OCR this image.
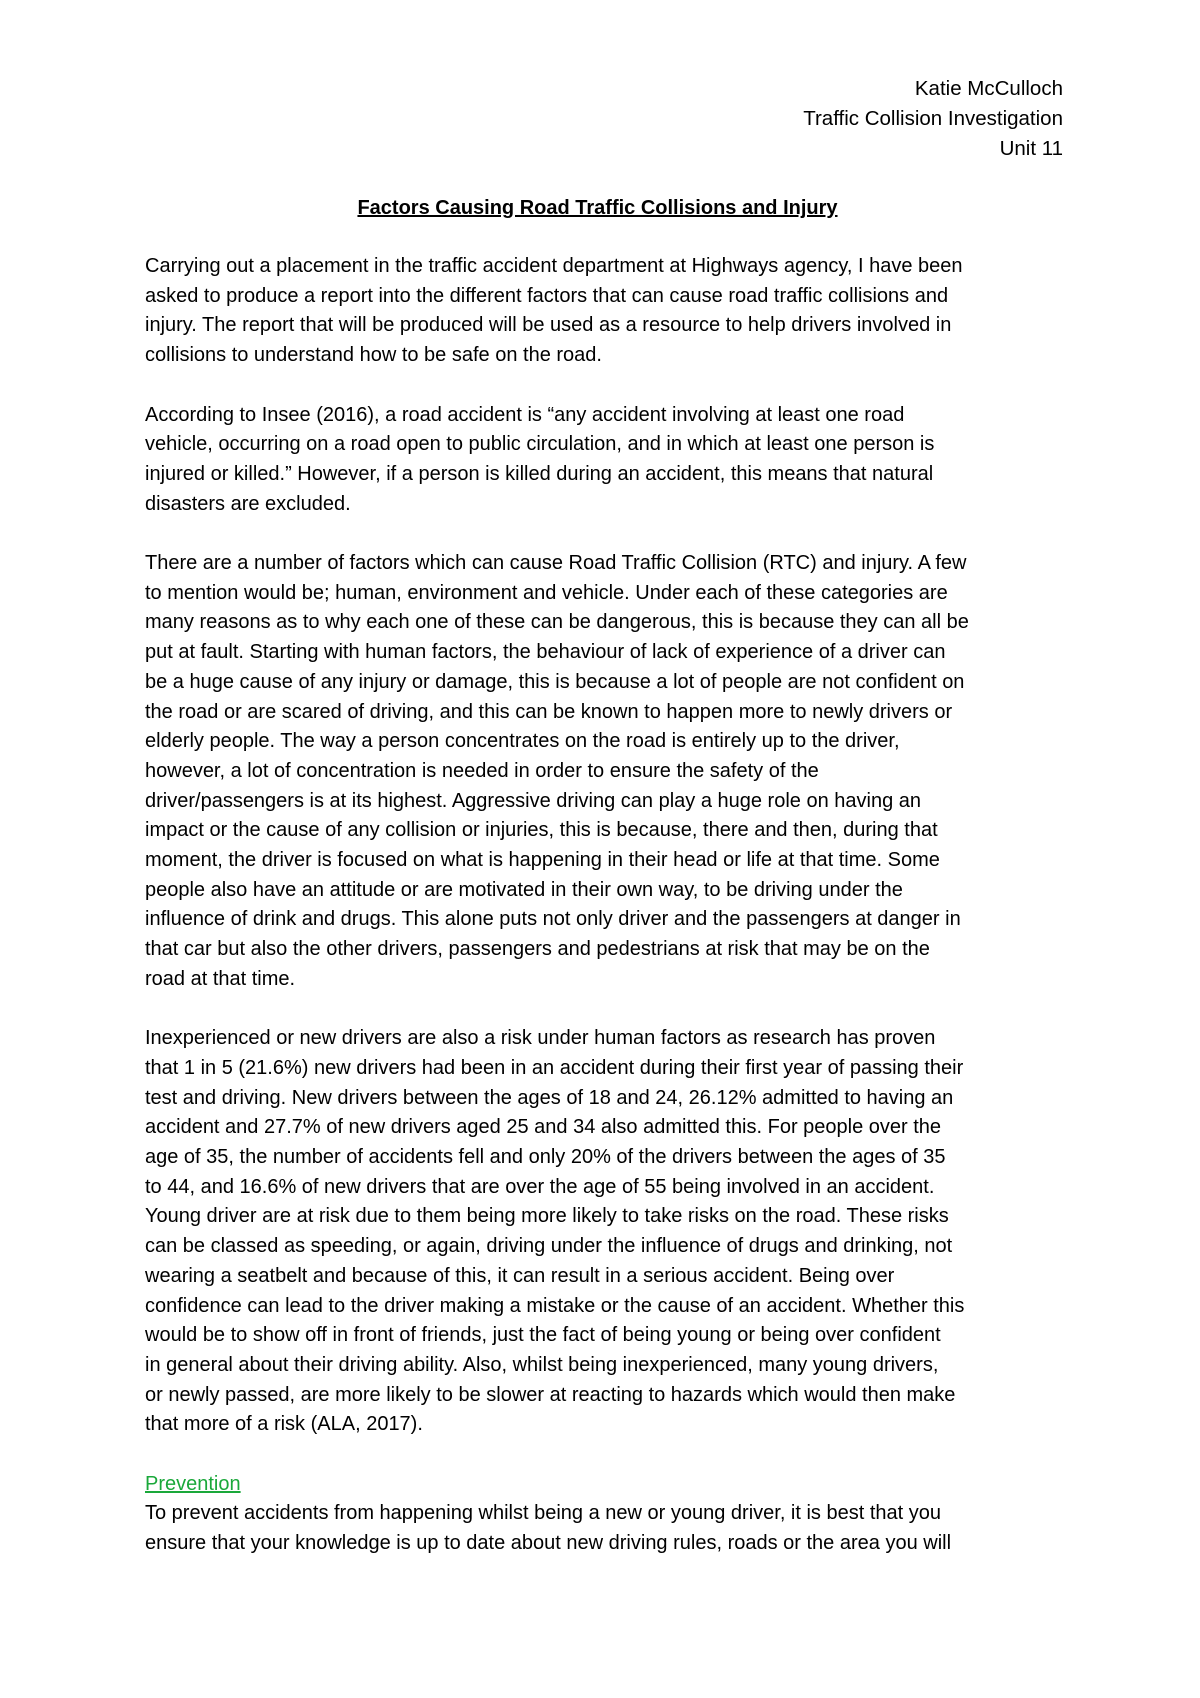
Katie McCulloch
Traffic Collision Investigation
Unit 11
Factors Causing Road Traffic Collisions and Injury
Carrying out a placement in the traffic accident department at Highways agency, I have been
asked to produce a report into the different factors that can cause road traffic collisions and
injury. The report that will be produced will be used as a resource to help drivers involved in
collisions to understand how to be safe on the road.
According to Insee (2016), a road accident is “any accident involving at least one road
vehicle, occurring on a road open to public circulation, and in which at least one person is
injured or killed.” However, if a person is killed during an accident, this means that natural
disasters are excluded.
There are a number of factors which can cause Road Traffic Collision (RTC) and injury. A few
to mention would be; human, environment and vehicle. Under each of these categories are
many reasons as to why each one of these can be dangerous, this is because they can all be
put at fault. Starting with human factors, the behaviour of lack of experience of a driver can
be a huge cause of any injury or damage, this is because a lot of people are not confident on
the road or are scared of driving, and this can be known to happen more to newly drivers or
elderly people. The way a person concentrates on the road is entirely up to the driver,
however, a lot of concentration is needed in order to ensure the safety of the
driver/passengers is at its highest. Aggressive driving can play a huge role on having an
impact or the cause of any collision or injuries, this is because, there and then, during that
moment, the driver is focused on what is happening in their head or life at that time. Some
people also have an attitude or are motivated in their own way, to be driving under the
influence of drink and drugs. This alone puts not only driver and the passengers at danger in
that car but also the other drivers, passengers and pedestrians at risk that may be on the
road at that time.
Inexperienced or new drivers are also a risk under human factors as research has proven
that 1 in 5 (21.6%) new drivers had been in an accident during their first year of passing their
test and driving. New drivers between the ages of 18 and 24, 26.12% admitted to having an
accident and 27.7% of new drivers aged 25 and 34 also admitted this. For people over the
age of 35, the number of accidents fell and only 20% of the drivers between the ages of 35
to 44, and 16.6% of new drivers that are over the age of 55 being involved in an accident.
Young driver are at risk due to them being more likely to take risks on the road. These risks
can be classed as speeding, or again, driving under the influence of drugs and drinking, not
wearing a seatbelt and because of this, it can result in a serious accident. Being over
confidence can lead to the driver making a mistake or the cause of an accident. Whether this
would be to show off in front of friends, just the fact of being young or being over confident
in general about their driving ability. Also, whilst being inexperienced, many young drivers,
or newly passed, are more likely to be slower at reacting to hazards which would then make
that more of a risk (ALA, 2017).
Prevention
To prevent accidents from happening whilst being a new or young driver, it is best that you
ensure that your knowledge is up to date about new driving rules, roads or the area you will
